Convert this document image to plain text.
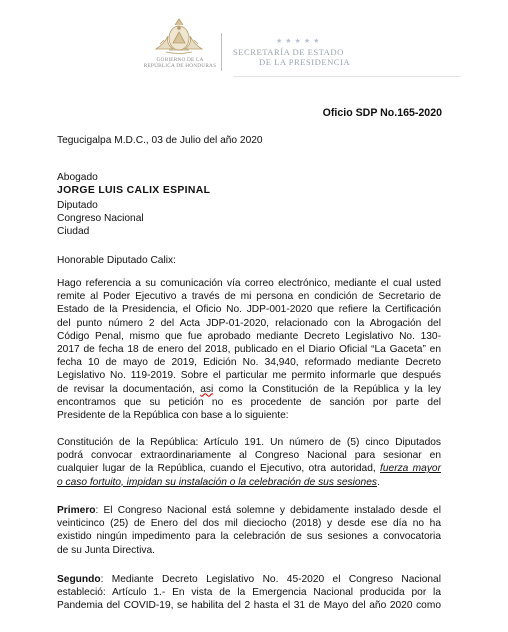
GOBIERNO DE LA
REPÚBLICA DE HONDURAS
★★★★★
SECRETARÍA DE ESTADO
DE LA PRESIDENCIA
Oficio SDP No.165-2020
Tegucigalpa M.D.C., 03 de Julio del año 2020
Abogado
JORGE LUIS CALIX ESPINAL
Diputado
Congreso Nacional
Ciudad
Honorable Diputado Calix:
Hago referencia a su comunicación vía correo electrónico, mediante el cual usted
remite al Poder Ejecutivo a través de mi persona en condición de Secretario de
Estado de la Presidencia, el Oficio No. JDP-001-2020 que refiere la Certificación
del punto número 2 del Acta JDP-01-2020, relacionado con la Abrogación del
Código Penal, mismo que fue aprobado mediante Decreto Legislativo No. 130-
2017 de fecha 18 de enero del 2018, publicado en el Diario Oficial “La Gaceta” en
fecha 10 de mayo de 2019, Edición No. 34,940, reformado mediante Decreto
Legislativo No. 119-2019. Sobre el particular me permito informarle que después
de revisar la documentación, asi como la Constitución de la República y la ley
encontramos que su petición no es procedente de sanción por parte del
Presidente de la República con base a lo siguiente:
Constitución de la República: Artículo 191. Un número de (5) cinco Diputados
podrá convocar extraordinariamente al Congreso Nacional para sesionar en
cualquier lugar de la República, cuando el Ejecutivo, otra autoridad, fuerza mayor
o caso fortuito, impidan su instalación o la celebración de sus sesiones.
Primero: El Congreso Nacional está solemne y debidamente instalado desde el
veinticinco (25) de Enero del dos mil dieciocho (2018) y desde ese día no ha
existido ningún impedimento para la celebración de sus sesiones a convocatoria
de su Junta Directiva.
Segundo: Mediante Decreto Legislativo No. 45-2020 el Congreso Nacional
estableció: Artículo 1.- En vista de la Emergencia Nacional producida por la
Pandemia del COVID-19, se habilita del 2 hasta el 31 de Mayo del año 2020 como
